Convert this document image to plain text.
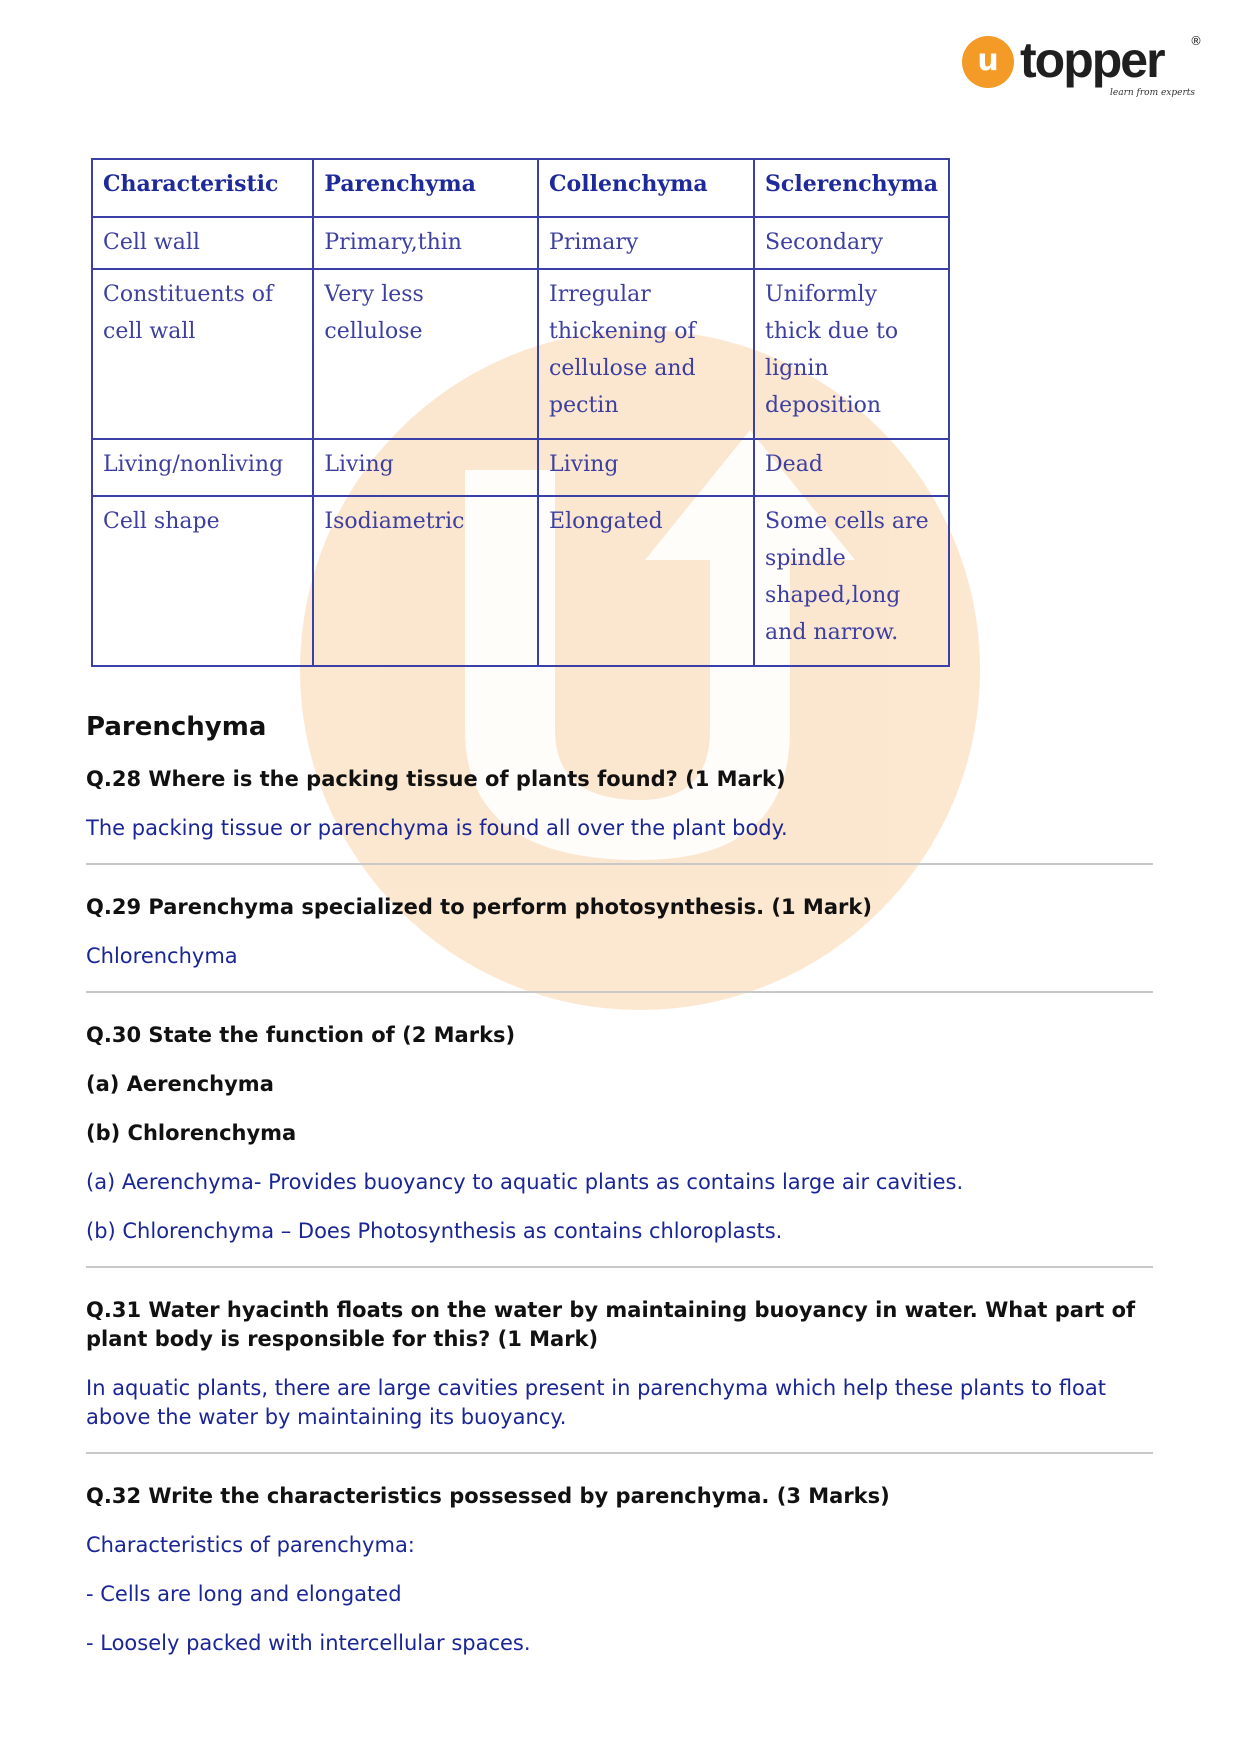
u topper ®
learn from experts
Characteristic	Parenchyma	Collenchyma	Sclerenchyma
Cell wall	Primary,thin	Primary	Secondary
Constituents of cell wall	Very less cellulose	Irregular thickening of cellulose and pectin	Uniformly thick due to lignin deposition
Living/nonliving	Living	Living	Dead
Cell shape	Isodiametric	Elongated	Some cells are spindle shaped,long and narrow.
Parenchyma
Q.28 Where is the packing tissue of plants found? (1 Mark)
The packing tissue or parenchyma is found all over the plant body.
Q.29 Parenchyma specialized to perform photosynthesis. (1 Mark)
Chlorenchyma
Q.30 State the function of (2 Marks)
(a) Aerenchyma
(b) Chlorenchyma
(a) Aerenchyma- Provides buoyancy to aquatic plants as contains large air cavities.
(b) Chlorenchyma – Does Photosynthesis as contains chloroplasts.
Q.31 Water hyacinth floats on the water by maintaining buoyancy in water. What part of plant body is responsible for this? (1 Mark)
In aquatic plants, there are large cavities present in parenchyma which help these plants to float above the water by maintaining its buoyancy.
Q.32 Write the characteristics possessed by parenchyma. (3 Marks)
Characteristics of parenchyma:
- Cells are long and elongated
- Loosely packed with intercellular spaces.
